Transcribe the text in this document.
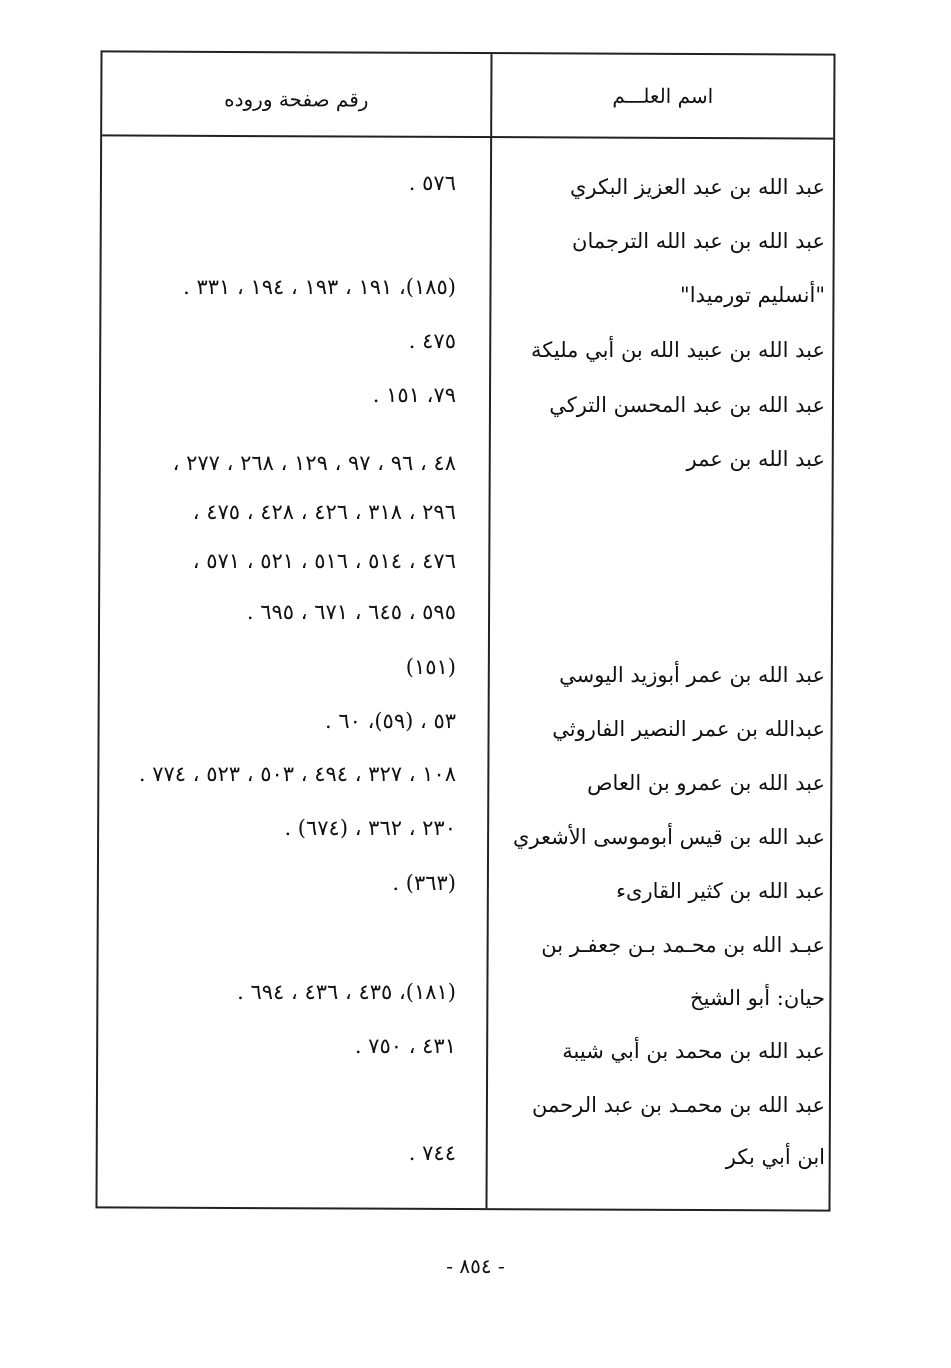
اسم العلـــم
رقم صفحة وروده
عبد الله بن عبد العزيز البكري
عبد الله بن عبد الله الترجمان
"أنسليم تورميدا"
عبد الله بن عبيد الله بن أبي مليكة
عبد الله بن عبد المحسن التركي
عبد الله بن عمر
عبد الله بن عمر أبوزيد اليوسي
عبدالله بن عمر النصير الفاروثي
عبد الله بن عمرو بن العاص
عبد الله بن قيس أبوموسى الأشعري
عبد الله بن كثير القارىء
عبـد الله بن محـمد بـن جعفـر بن
حيان: أبو الشيخ
عبد الله بن محمد بن أبي شيبة
عبد الله بن محمـد بن عبد الرحمن
ابن أبي بكر
٥٧٦ .
(١٨٥)، ١٩١ ، ١٩٣ ، ١٩٤ ، ٣٣١ .
٤٧٥ .
٧٩، ١٥١ .
٤٨ ، ٩٦ ، ٩٧ ، ١٢٩ ، ٢٦٨ ، ٢٧٧ ،
٢٩٦ ، ٣١٨ ، ٤٢٦ ، ٤٢٨ ، ٤٧٥ ،
٤٧٦ ، ٥١٤ ، ٥١٦ ، ٥٢١ ، ٥٧١ ،
٥٩٥ ، ٦٤٥ ، ٦٧١ ، ٦٩٥ .
(١٥١)
٥٣ ، (٥٩)، ٦٠ .
١٠٨ ، ٣٢٧ ، ٤٩٤ ، ٥٠٣ ، ٥٢٣ ، ٧٧٤ .
٢٣٠ ، ٣٦٢ ، (٦٧٤) .
(٣٦٣) .
(١٨١)، ٤٣٥ ، ٤٣٦ ، ٦٩٤ .
٤٣١ ، ٧٥٠ .
٧٤٤ .
- ٨٥٤ -
